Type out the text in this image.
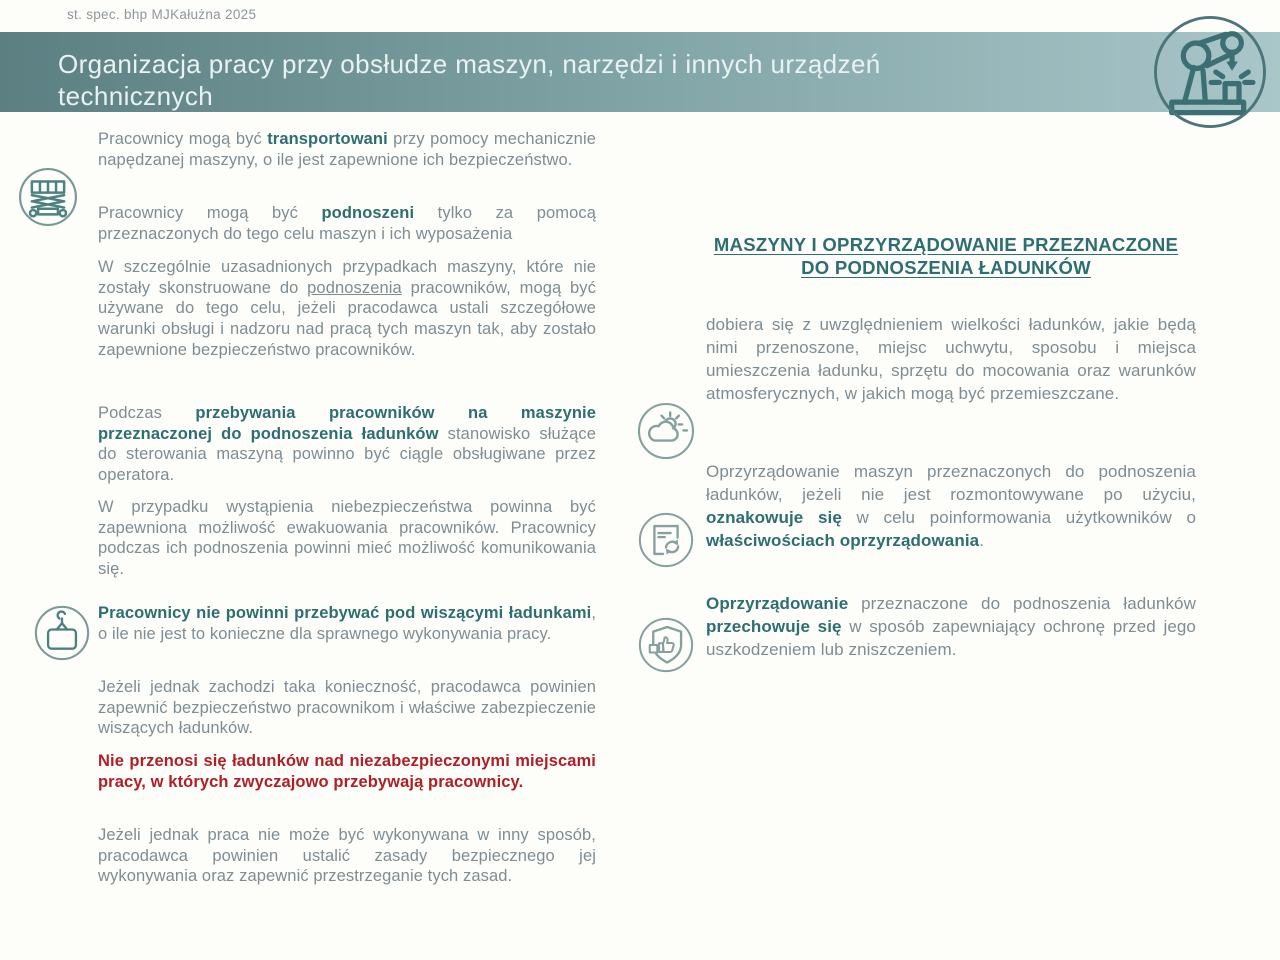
st. spec. bhp MJKałużna 2025
Organizacja pracy przy obsłudze maszyn, narzędzi i innych urządzeń technicznych

Pracownicy mogą być transportowani przy pomocy mechanicznie napędzanej maszyny, o ile jest zapewnione ich bezpieczeństwo.

Pracownicy mogą być podnoszeni tylko za pomocą przeznaczonych do tego celu maszyn i ich wyposażenia

W szczególnie uzasadnionych przypadkach maszyny, które nie zostały skonstruowane do podnoszenia pracowników, mogą być używane do tego celu, jeżeli pracodawca ustali szczegółowe warunki obsługi i nadzoru nad pracą tych maszyn tak, aby zostało zapewnione bezpieczeństwo pracowników.

Podczas przebywania pracowników na maszynie przeznaczonej do podnoszenia ładunków stanowisko służące do sterowania maszyną powinno być ciągle obsługiwane przez operatora.

W przypadku wystąpienia niebezpieczeństwa powinna być zapewniona możliwość ewakuowania pracowników. Pracownicy podczas ich podnoszenia powinni mieć możliwość komunikowania się.

Pracownicy nie powinni przebywać pod wiszącymi ładunkami, o ile nie jest to konieczne dla sprawnego wykonywania pracy.

Jeżeli jednak zachodzi taka konieczność, pracodawca powinien zapewnić bezpieczeństwo pracownikom i właściwe zabezpieczenie wiszących ładunków.

Nie przenosi się ładunków nad niezabezpieczonymi miejscami pracy, w których zwyczajowo przebywają pracownicy.

Jeżeli jednak praca nie może być wykonywana w inny sposób, pracodawca powinien ustalić zasady bezpiecznego jej wykonywania oraz zapewnić przestrzeganie tych zasad.

MASZYNY I OPRZYRZĄDOWANIE PRZEZNACZONE DO PODNOSZENIA ŁADUNKÓW

dobiera się z uwzględnieniem wielkości ładunków, jakie będą nimi przenoszone, miejsc uchwytu, sposobu i miejsca umieszczenia ładunku, sprzętu do mocowania oraz warunków atmosferycznych, w jakich mogą być przemieszczane.

Oprzyrządowanie maszyn przeznaczonych do podnoszenia ładunków, jeżeli nie jest rozmontowywane po użyciu, oznakowuje się w celu poinformowania użytkowników o właściwościach oprzyrządowania.

Oprzyrządowanie przeznaczone do podnoszenia ładunków przechowuje się w sposób zapewniający ochronę przed jego uszkodzeniem lub zniszczeniem.
